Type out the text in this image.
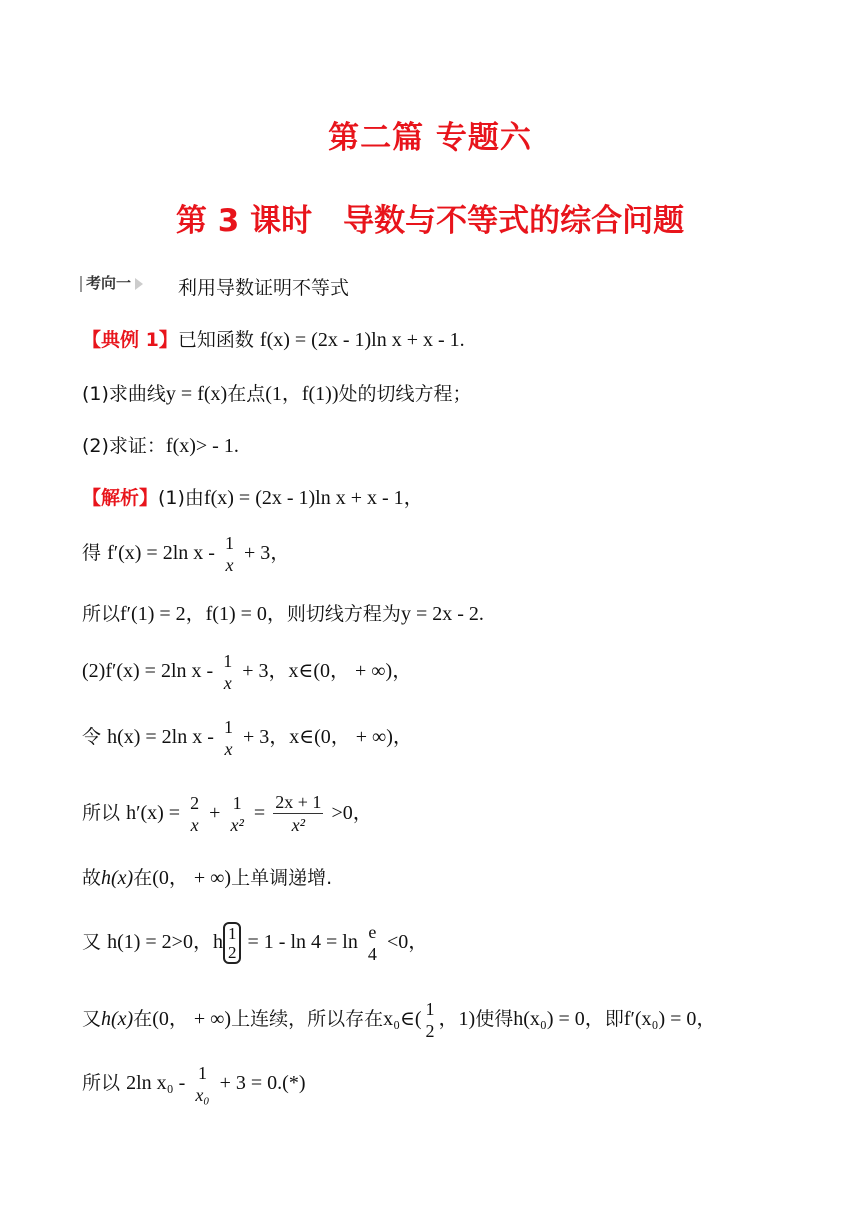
第二篇 专题六
第 3 课时　导数与不等式的综合问题
考向一	利用导数证明不等式
【典例 1】已知函数 f(x) = (2x - 1)ln x + x - 1.
(1)求曲线y = f(x)在点(1，f(1))处的切线方程；
(2)求证：f(x)> - 1.
【解析】(1)由f(x) = (2x - 1)ln x + x - 1，
得 f′(x) = 2ln x - 1
x
+ 3，
所以f′(1) = 2，f(1) = 0，则切线方程为y = 2x - 2.
(2)f′(x) = 2ln x - 1
x
+ 3，x∈(0， + ∞)，
令 h(x) = 2ln x - 1
x
+ 3，x∈(0， + ∞)，
所以 h′(x) = 2
x
+ 1
x²
= $\frac{2x + 1}{\text{x²}} >0$，
故h(x)在(0， + ∞)上单调递增.
又 h(1) = 2>0，h 1
2 = 1 - ln 4 = ln e
4
<0，
又h(x)在(0， + ∞)上连续，所以存在x₀∈( 1
2
，1)使得h(x₀) = 0，即f′(x₀) = 0，
所以 2ln x₀ - 1
x₀
+ 3 = 0.(*)
